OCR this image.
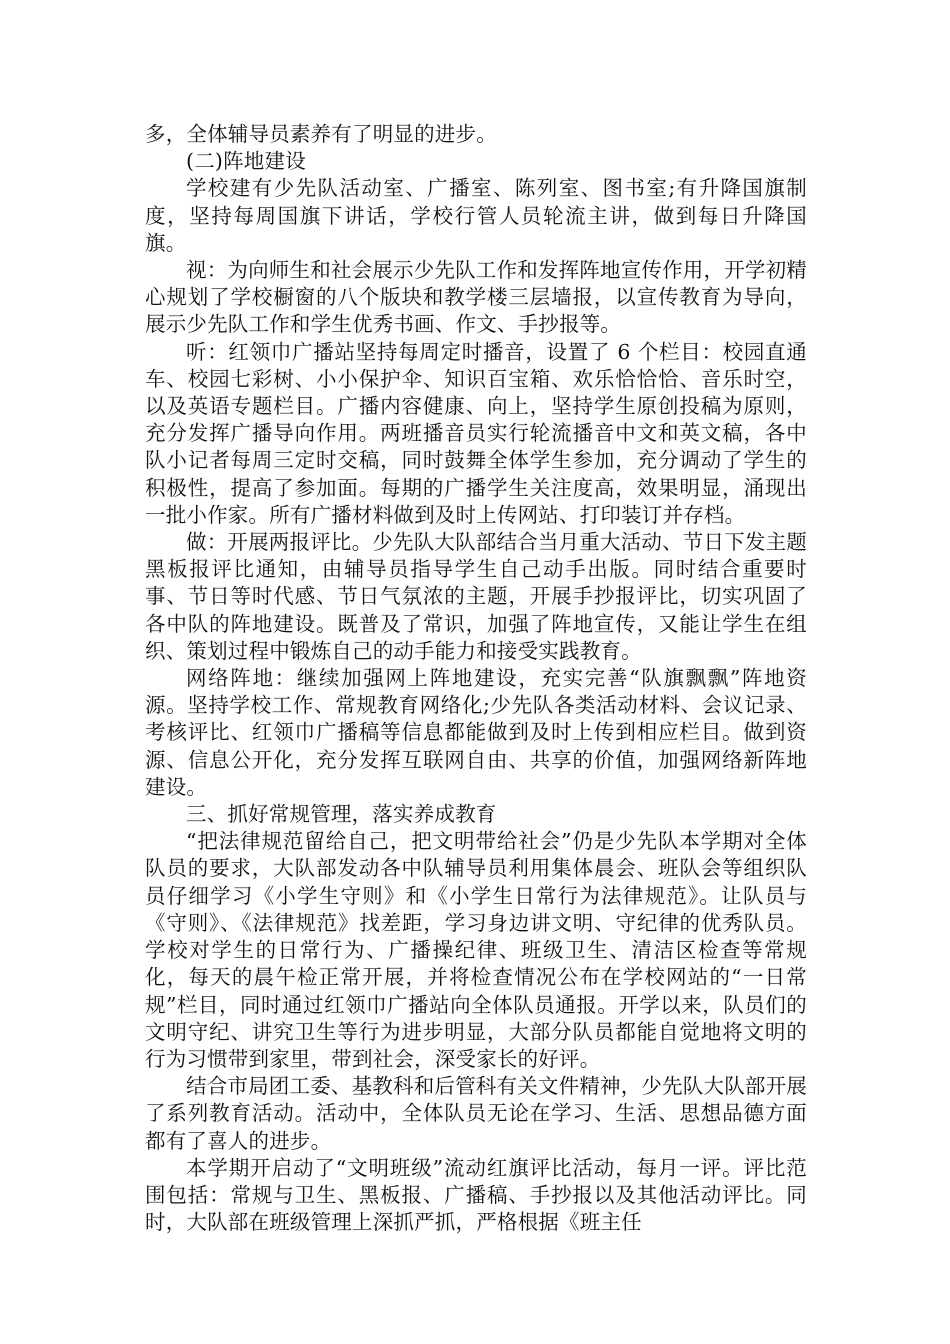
多，全体辅导员素养有了明显的进步。

(二)阵地建设

学校建有少先队活动室、广播室、陈列室、图书室;有升降国旗制度，坚持每周国旗下讲话，学校行管人员轮流主讲，做到每日升降国旗。

视：为向师生和社会展示少先队工作和发挥阵地宣传作用，开学初精心规划了学校橱窗的八个版块和教学楼三层墙报，以宣传教育为导向，展示少先队工作和学生优秀书画、作文、手抄报等。

听：红领巾广播站坚持每周定时播音，设置了 6 个栏目：校园直通车、校园七彩树、小小保护伞、知识百宝箱、欢乐恰恰恰、音乐时空，以及英语专题栏目。广播内容健康、向上，坚持学生原创投稿为原则，充分发挥广播导向作用。两班播音员实行轮流播音中文和英文稿，各中队小记者每周三定时交稿，同时鼓舞全体学生参加，充分调动了学生的积极性，提高了参加面。每期的广播学生关注度高，效果明显，涌现出一批小作家。所有广播材料做到及时上传网站、打印装订并存档。

做：开展两报评比。少先队大队部结合当月重大活动、节日下发主题黑板报评比通知，由辅导员指导学生自己动手出版。同时结合重要时事、节日等时代感、节日气氛浓的主题，开展手抄报评比，切实巩固了各中队的阵地建设。既普及了常识，加强了阵地宣传，又能让学生在组织、策划过程中锻炼自己的动手能力和接受实践教育。

网络阵地：继续加强网上阵地建设，充实完善“队旗飘飘”阵地资源。坚持学校工作、常规教育网络化;少先队各类活动材料、会议记录、考核评比、红领巾广播稿等信息都能做到及时上传到相应栏目。做到资源、信息公开化，充分发挥互联网自由、共享的价值，加强网络新阵地建设。

三、抓好常规管理，落实养成教育

“把法律规范留给自己，把文明带给社会”仍是少先队本学期对全体队员的要求，大队部发动各中队辅导员利用集体晨会、班队会等组织队员仔细学习《小学生守则》和《小学生日常行为法律规范》。让队员与《守则》、《法律规范》找差距，学习身边讲文明、守纪律的优秀队员。学校对学生的日常行为、广播操纪律、班级卫生、清洁区检查等常规化，每天的晨午检正常开展，并将检查情况公布在学校网站的“一日常规”栏目，同时通过红领巾广播站向全体队员通报。开学以来，队员们的文明守纪、讲究卫生等行为进步明显，大部分队员都能自觉地将文明的行为习惯带到家里，带到社会，深受家长的好评。

结合市局团工委、基教科和后管科有关文件精神，少先队大队部开展了系列教育活动。活动中，全体队员无论在学习、生活、思想品德方面都有了喜人的进步。

本学期开启动了“文明班级”流动红旗评比活动，每月一评。评比范围包括：常规与卫生、黑板报、广播稿、手抄报以及其他活动评比。同时，大队部在班级管理上深抓严抓，严格根据《班主任
